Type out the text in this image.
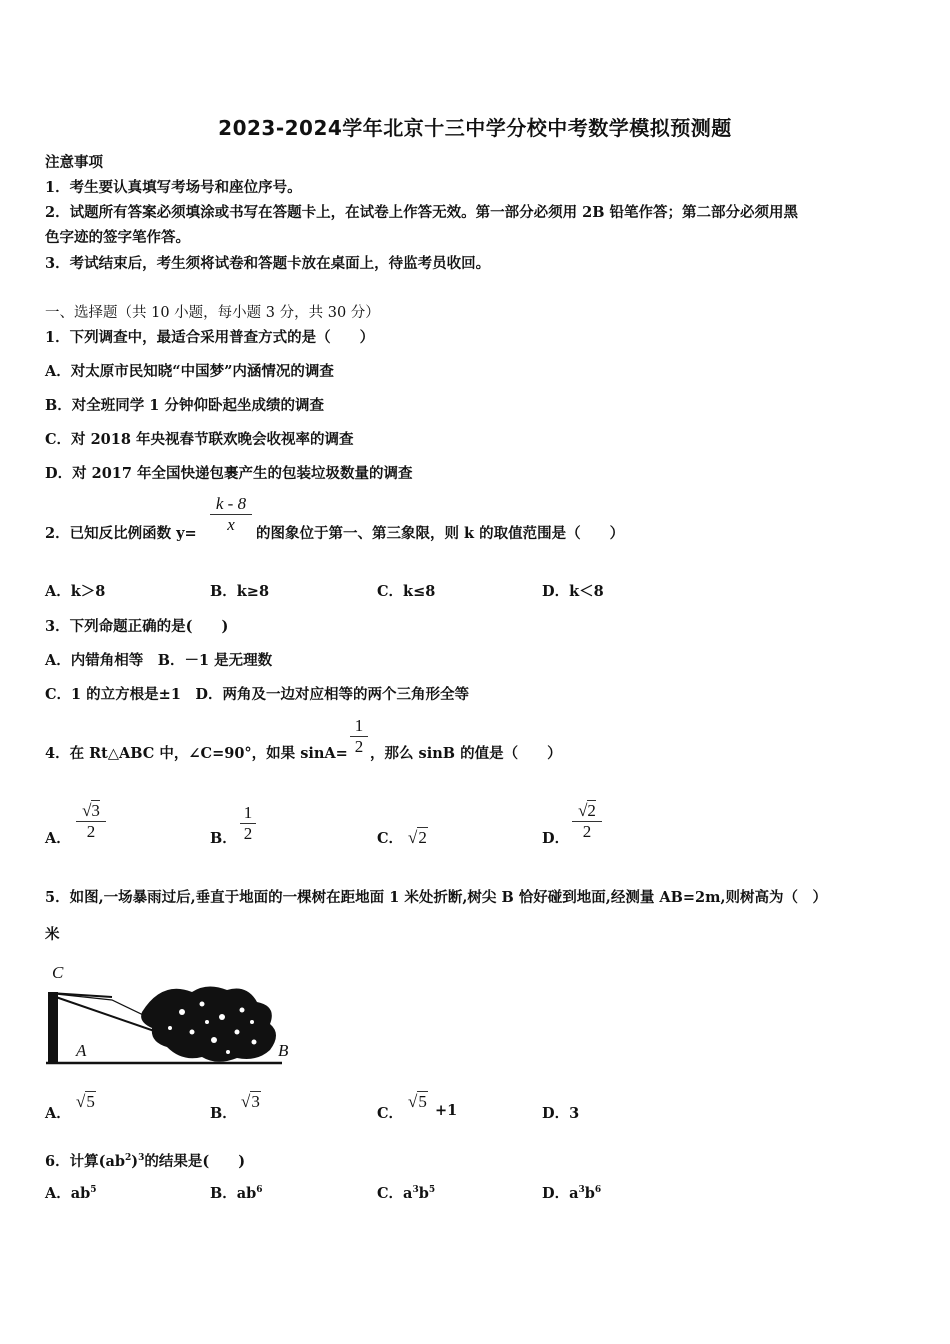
2023-2024学年北京十三中学分校中考数学模拟预测题
注意事项
1．考生要认真填写考场号和座位序号。
2．试题所有答案必须填涂或书写在答题卡上，在试卷上作答无效。第一部分必须用 2B 铅笔作答；第二部分必须用黑
色字迹的签字笔作答。
3．考试结束后，考生须将试卷和答题卡放在桌面上，待监考员收回。
一、选择题（共 10 小题，每小题 3 分，共 30 分）
1．下列调查中，最适合采用普查方式的是（　　）
A．对太原市民知晓“中国梦”内涵情况的调查
B．对全班同学 1 分钟仰卧起坐成绩的调查
C．对 2018 年央视春节联欢晚会收视率的调查
D．对 2017 年全国快递包裹产生的包装垃圾数量的调查
2．已知反比例函数 y=
k - 8
x	的图象位于第一、第三象限，则 k 的取值范围是（　　）
A．k＞8	B．k≥8	C．k≤8	D．k＜8
3．下列命题正确的是(　　)
A．内错角相等　B．－1 是无理数
C．1 的立方根是±1　D．两角及一边对应相等的两个三角形全等
4．在 Rt△ABC 中，∠C=90°，如果 sinA=
1
2 ，那么 sinB 的值是（　　）
A．
√3
2	B．
1
2	C． √2	D．
√2
2
5．如图,一场暴雨过后,垂直于地面的一棵树在距地面 1 米处折断,树尖 B 恰好碰到地面,经测量 AB=2m,则树高为（　）
米
C
A	B
A．
√5
B．
√3
C．
√5 +1	D．3
6．计算$(ab^2)^3$的结果是(　　)
A．$ab^5$	B．$ab^6$	C．$a^3b^5$	D．$a^3b^6$
